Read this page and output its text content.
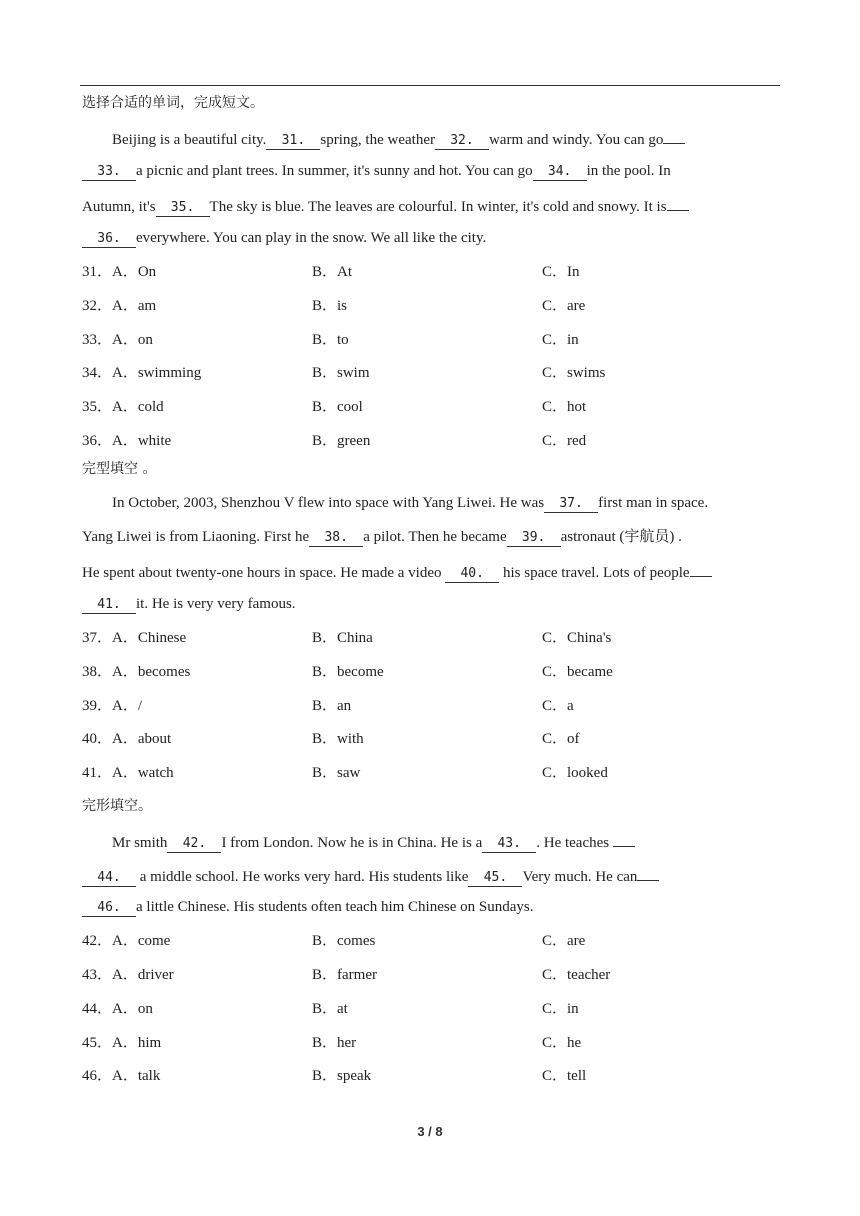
选择合适的单词，完成短文。
Beijing is a beautiful city. 31. spring, the weather 32. warm and windy. You can go
33. a picnic and plant trees. In summer, it's sunny and hot. You can go 34. in the pool. In
Autumn, it's 35. The sky is blue. The leaves are colourful. In winter, it's cold and snowy. It is
36. everywhere. You can play in the snow. We all like the city.
31．A．On	B．At	C．In
32．A．am	B．is	C．are
33．A．on	B．to	C．in
34．A．swimming	B．swim	C．swims
35．A．cold	B．cool	C．hot
36．A．white	B．green	C．red
完型填空 。
In October, 2003, Shenzhou V flew into space with Yang Liwei. He was 37. first man in space.
Yang Liwei is from Liaoning. First he 38. a pilot. Then he became 39. astronaut (宇航员) .
He spent about twenty-one hours in space. He made a video 40. his space travel. Lots of people
41. it. He is very very famous.
37．A．Chinese	B．China	C．China's
38．A．becomes	B．become	C．became
39．A．/	B．an	C．a
40．A．about	B．with	C．of
41．A．watch	B．saw	C．looked
完形填空。
Mr smith 42. I from London. Now he is in China. He is a 43. . He teaches
44. a middle school. He works very hard. His students like 45. Very much. He can
46. a little Chinese. His students often teach him Chinese on Sundays.
42．A．come	B．comes	C．are
43．A．driver	B．farmer	C．teacher
44．A．on	B．at	C．in
45．A．him	B．her	C．he
46．A．talk	B．speak	C．tell
3 / 8
